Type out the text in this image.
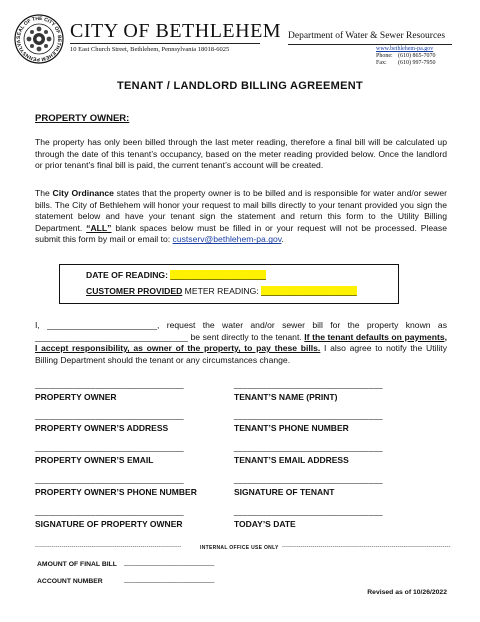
SEAL OF THE CITY OF BETHLEHEM PENNSYLVA	CITY OF BETHLEHEM
10 East Church Street, Bethlehem, Pennsylvania 18018-6025
Department of Water & Sewer Resources
www.bethlehem-pa.gov
Phone: (610) 865-7070
Fax: (610) 997-7950
TENANT / LANDLORD BILLING AGREEMENT
PROPERTY OWNER:
The property has only been billed through the last meter reading, therefore a final bill will be calculated up through the date of this tenant’s occupancy, based on the meter reading provided below. Once the landlord or prior tenant’s final bill is paid, the current tenant’s account will be created.
The City Ordinance states that the property owner is to be billed and is responsible for water and/or sewer bills. The City of Bethlehem will honor your request to mail bills directly to your tenant provided you sign the statement below and have your tenant sign the statement and return this form to the Utility Billing Department. “ALL” blank spaces below must be filled in or your request will not be processed. Please submit this form by mail or email to: custserv@bethlehem-pa.gov.
DATE OF READING: ____________________
CUSTOMER PROVIDED METER READING: ____________________
I, _______________________, request the water and/or sewer bill for the property known as ________________________________ be sent directly to the tenant. If the tenant defaults on payments, I accept responsibility, as owner of the property, to pay these bills. I also agree to notify the Utility Billing Department should the tenant or any circumstances change.
________________________________
PROPERTY OWNER
________________________________
TENANT’S NAME (PRINT)
________________________________
PROPERTY OWNER’S ADDRESS
________________________________
TENANT’S PHONE NUMBER
________________________________
PROPERTY OWNER’S EMAIL
________________________________
TENANT’S EMAIL ADDRESS
________________________________
PROPERTY OWNER’S PHONE NUMBER
________________________________
SIGNATURE OF TENANT
________________________________
SIGNATURE OF PROPERTY OWNER
________________________________
TODAY’S DATE
------------------------------------------------------------------------	INTERNAL OFFICE USE ONLY -----------------------------------------------------------------------------------
AMOUNT OF FINAL BILL _________________________
ACCOUNT NUMBER	_________________________
Revised as of 10/26/2022
